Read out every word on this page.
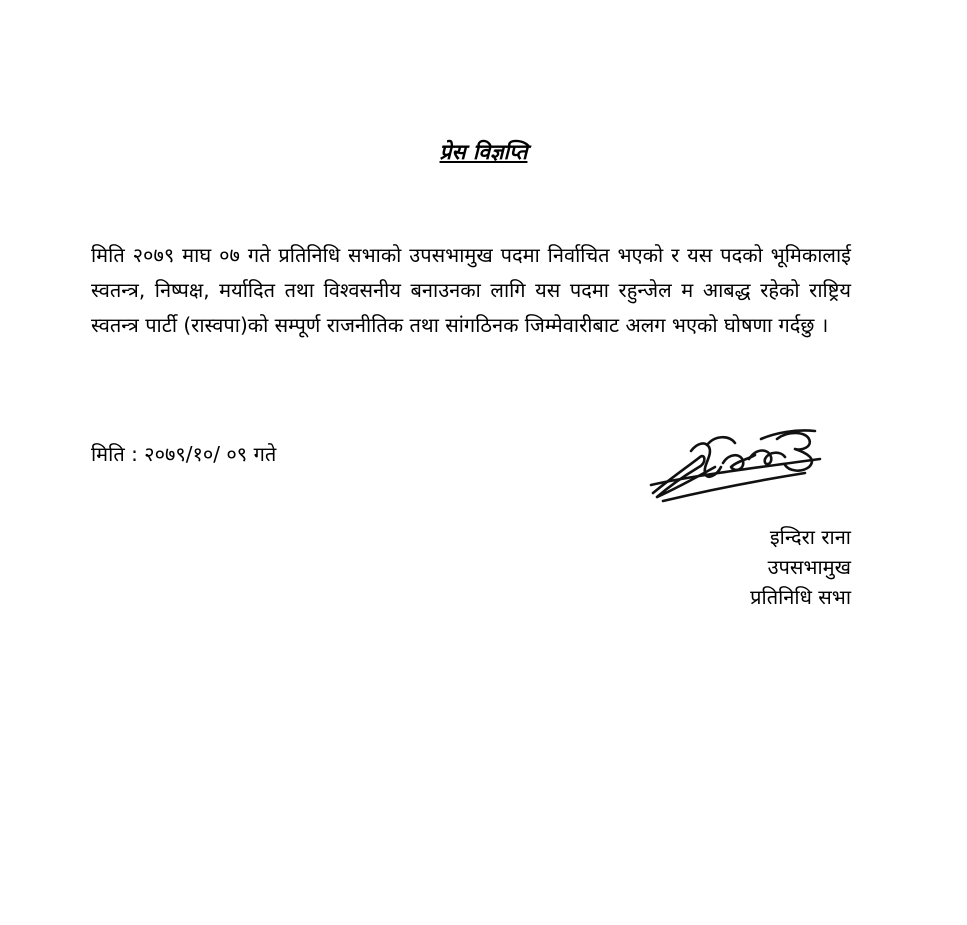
प्रेस विज्ञप्ति

मिति २०७९ माघ ०७ गते प्रतिनिधि सभाको उपसभामुख पदमा निर्वाचित भएको र यस पदको भूमिकालाई स्वतन्त्र, निष्पक्ष, मर्यादित तथा विश्वसनीय बनाउनका लागि यस पदमा रहुन्जेल म आबद्ध रहेको राष्ट्रिय स्वतन्त्र पार्टी (रास्वपा)को सम्पूर्ण राजनीतिक तथा सांगठिनक जिम्मेवारीबाट अलग भएको घोषणा गर्दछु ।

मिति : २०७९/१०/ ०९ गते

इन्दिरा राना
उपसभामुख
प्रतिनिधि सभा
